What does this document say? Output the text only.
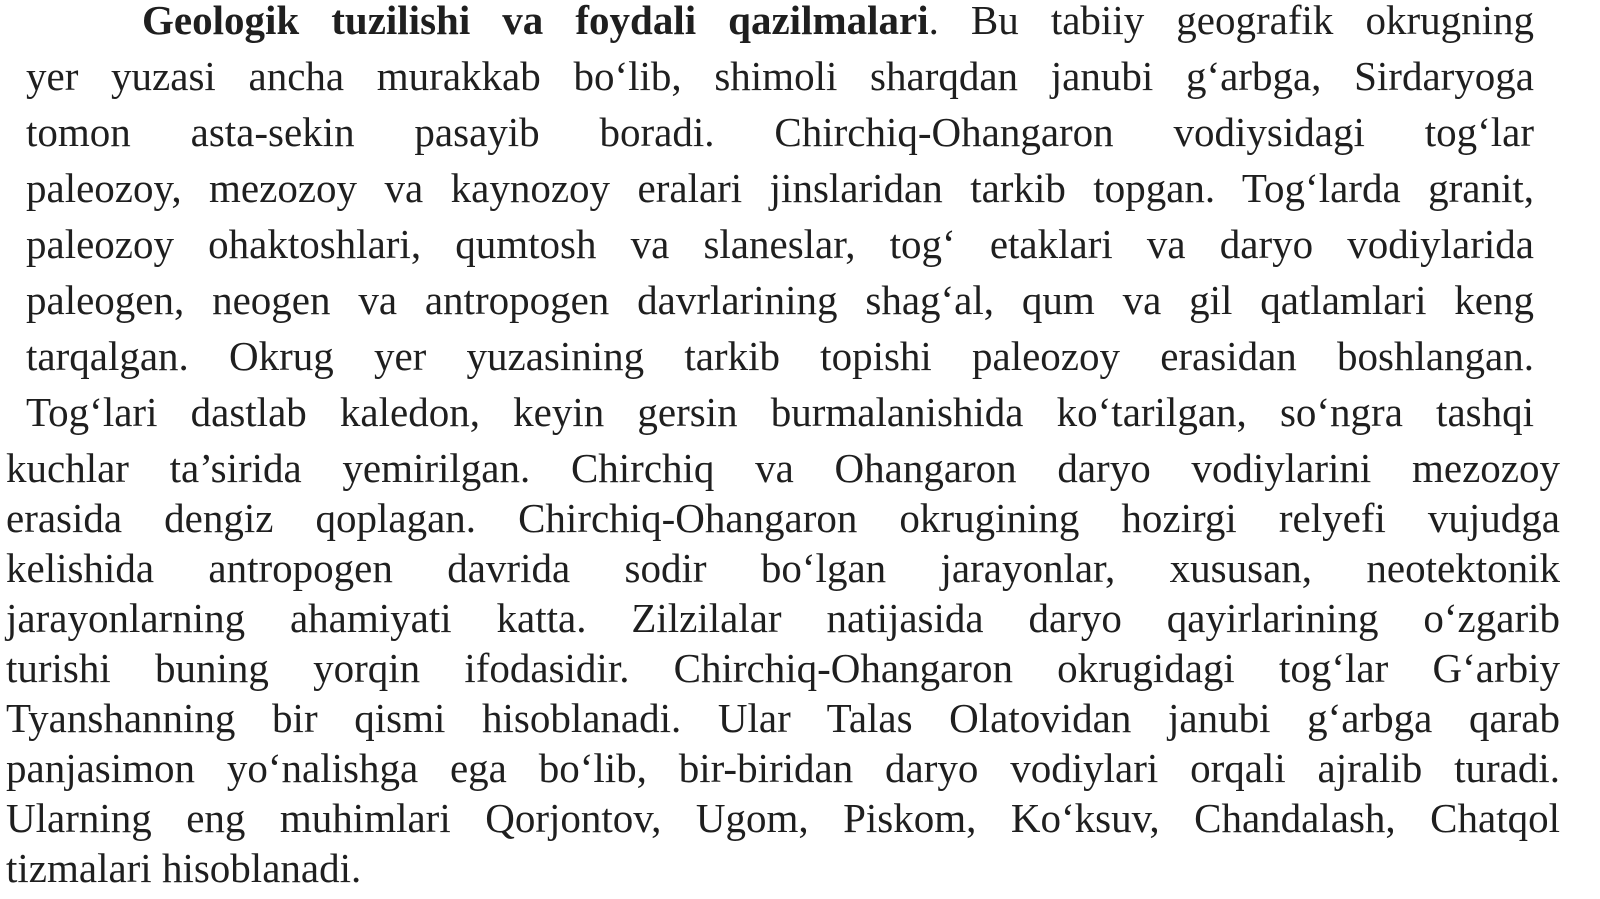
Geologik tuzilishi va foydali qazilmalari. Bu tabiiy geografik okrugning
yer yuzasi ancha murakkab bo‘lib, shimoli sharqdan janubi g‘arbga, Sirdaryoga
tomon asta-sekin pasayib boradi. Chirchiq-Ohangaron vodiysidagi tog‘lar
paleozoy, mezozoy va kaynozoy eralari jinslaridan tarkib topgan. Tog‘larda granit,
paleozoy ohaktoshlari, qumtosh va slaneslar, tog‘ etaklari va daryo vodiylarida
paleogen, neogen va antropogen davrlarining shag‘al, qum va gil qatlamlari keng
tarqalgan. Okrug yer yuzasining tarkib topishi paleozoy erasidan boshlangan.
Tog‘lari dastlab kaledon, keyin gersin burmalanishida ko‘tarilgan, so‘ngra tashqi
kuchlar ta’sirida yemirilgan. Chirchiq va Ohangaron daryo vodiylarini mezozoy
erasida dengiz qoplagan. Chirchiq-Ohangaron okrugining hozirgi relyefi vujudga
kelishida antropogen davrida sodir bo‘lgan jarayonlar, xususan, neotektonik
jarayonlarning ahamiyati katta. Zilzilalar natijasida daryo qayirlarining o‘zgarib
turishi buning yorqin ifodasidir. Chirchiq-Ohangaron okrugidagi tog‘lar G‘arbiy
Tyanshanning bir qismi hisoblanadi. Ular Talas Olatovidan janubi g‘arbga qarab
panjasimon yo‘nalishga ega bo‘lib, bir-biridan daryo vodiylari orqali ajralib turadi.
Ularning eng muhimlari Qorjontov, Ugom, Piskom, Ko‘ksuv, Chandalash, Chatqol
tizmalari hisoblanadi.
